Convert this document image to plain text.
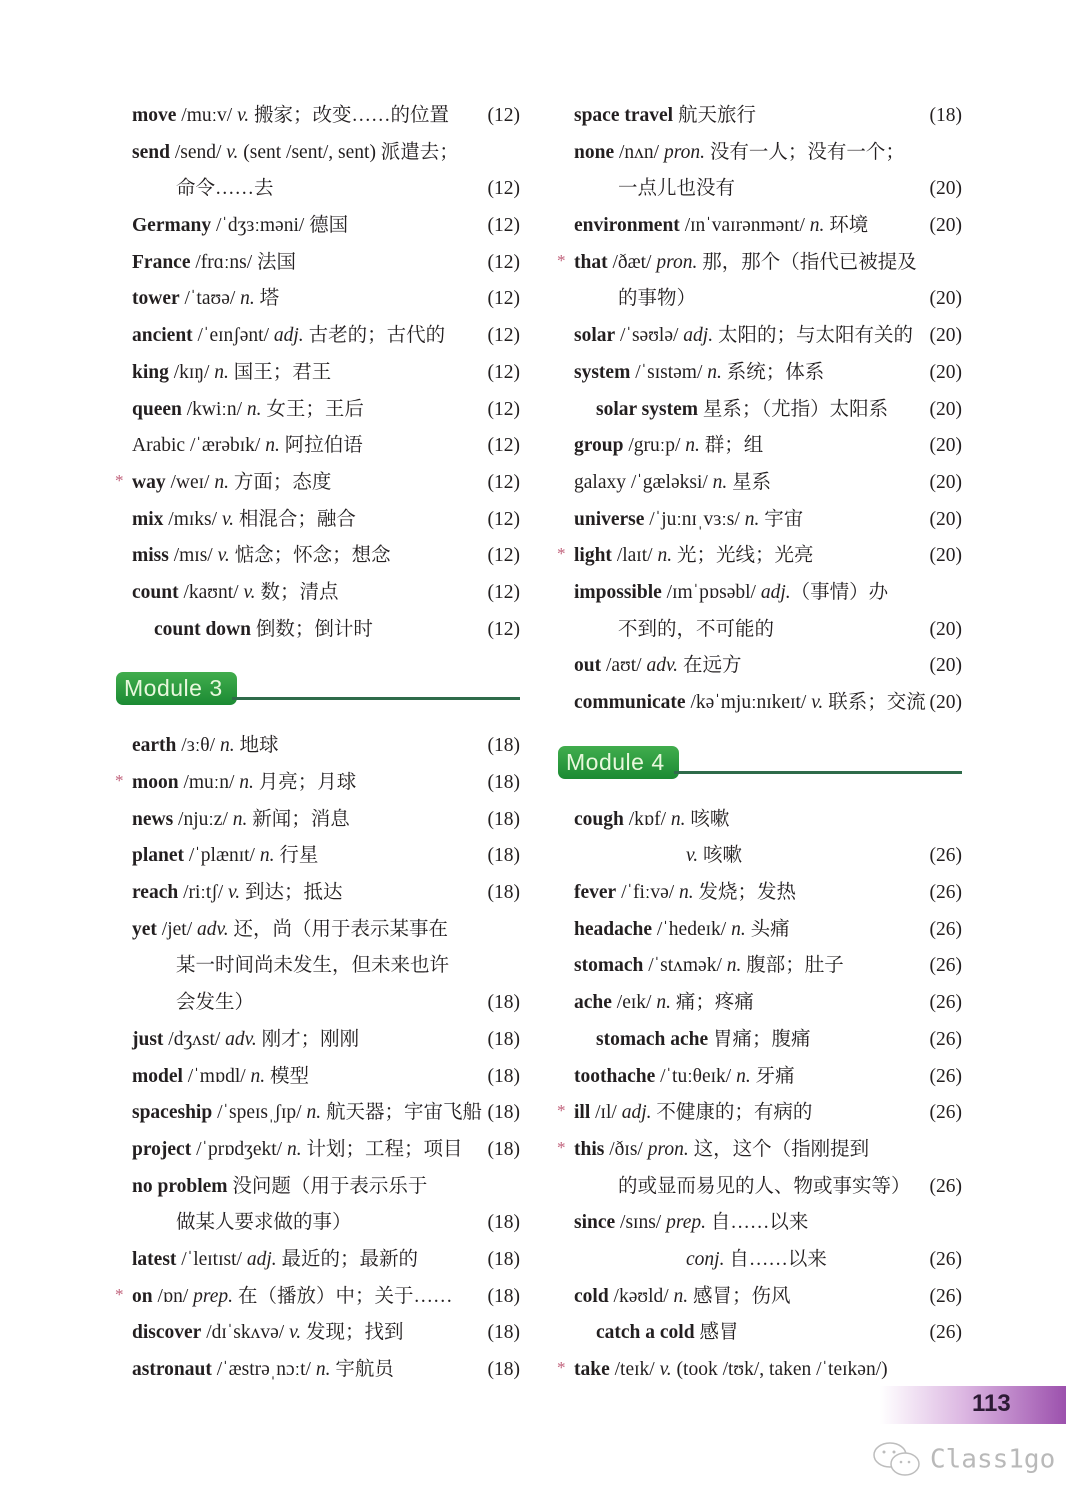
move /muːv/ v. 搬家；改变……的位置 (12)
send /send/ v. (sent /sent/, sent) 派遣去；
命令……去	(12)
Germany /ˈdʒɜːməni/ 德国	(12)
France /frɑːns/ 法国	(12)
tower /ˈtaʊə/ n. 塔	(12)
ancient /ˈeɪnʃənt/ adj. 古老的；古代的 (12)
king /kɪŋ/ n. 国王；君王	(12)
queen /kwiːn/ n. 女王；王后	(12)
Arabic /ˈærəbɪk/ n. 阿拉伯语	(12)
* way /weɪ/ n. 方面；态度	(12)
mix /mɪks/ v. 相混合；融合	(12)
miss /mɪs/ v. 惦念；怀念；想念	(12)
count /kaʊnt/ v. 数；清点	(12)
count down 倒数；倒计时	(12)
Module 3
earth /ɜːθ/ n. 地球	(18)
* moon /muːn/ n. 月亮；月球	(18)
news /njuːz/ n. 新闻；消息	(18)
planet /ˈplænɪt/ n. 行星	(18)
reach /riːtʃ/ v. 到达；抵达	(18)
yet /jet/ adv. 还，尚（用于表示某事在
某一时间尚未发生，但未来也许
会发生）	(18)
just /dʒʌst/ adv. 刚才；刚刚	(18)
model /ˈmɒdl/ n. 模型	(18)
spaceship /ˈspeɪsˌʃɪp/ n. 航天器；宇宙飞船 (18)
project /ˈprɒdʒekt/ n. 计划；工程；项目 (18)
no problem 没问题（用于表示乐于
做某人要求做的事）	(18)
latest /ˈleɪtɪst/ adj. 最近的；最新的	(18)
* on /ɒn/ prep. 在（播放）中；关于…… (18)
discover /dɪˈskʌvə/ v. 发现；找到	(18)
astronaut /ˈæstrəˌnɔːt/ n. 宇航员	(18)
space travel 航天旅行	(18)
none /nʌn/ pron. 没有一人；没有一个；
一点儿也没有	(20)
environment /ɪnˈvaɪrənmənt/ n. 环境	(20)
* that /ðæt/ pron. 那，那个（指代已被提及
的事物）	(20)
solar /ˈsəʊlə/ adj. 太阳的；与太阳有关的 (20)
system /ˈsɪstəm/ n. 系统；体系	(20)
solar system 星系；（尤指）太阳系 (20)
group /gruːp/ n. 群；组	(20)
galaxy /ˈgæləksi/ n. 星系	(20)
universe /ˈjuːnɪˌvɜːs/ n. 宇宙	(20)
* light /laɪt/ n. 光；光线；光亮	(20)
impossible /ɪmˈpɒsəbl/ adj.（事情）办
不到的，不可能的	(20)
out /aʊt/ adv. 在远方	(20)
communicate /kəˈmjuːnɪkeɪt/ v. 联系；交流 (20)
Module 4
cough /kɒf/ n. 咳嗽
v. 咳嗽	(26)
fever /ˈfiːvə/ n. 发烧；发热	(26)
headache /ˈhedeɪk/ n. 头痛	(26)
stomach /ˈstʌmək/ n. 腹部；肚子	(26)
ache /eɪk/ n. 痛；疼痛	(26)
stomach ache 胃痛；腹痛	(26)
toothache /ˈtuːθeɪk/ n. 牙痛	(26)
* ill /ɪl/ adj. 不健康的；有病的	(26)
* this /ðɪs/ pron. 这，这个（指刚提到
的或显而易见的人、物或事实等） (26)
since /sɪns/ prep. 自……以来
conj. 自……以来	(26)
cold /kəʊld/ n. 感冒；伤风	(26)
catch a cold 感冒	(26)
* take /teɪk/ v. (took /tʊk/, taken /ˈteɪkən/)
113
Class1go
